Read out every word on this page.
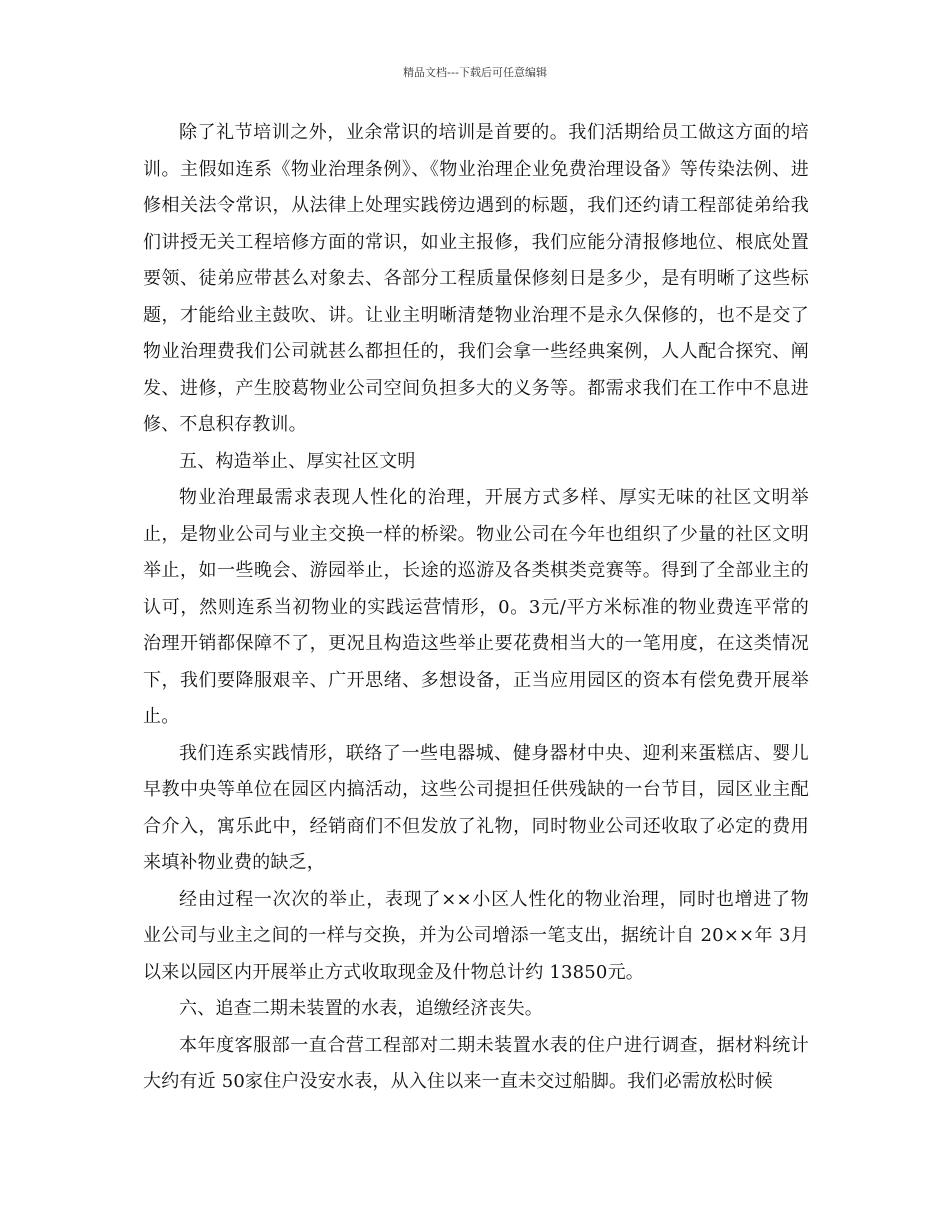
精品文档---下载后可任意编辑

除了礼节培训之外，业余常识的培训是首要的。我们活期给员工做这方面的培训。主假如连系《物业治理条例》、《物业治理企业免费治理设备》等传染法例、进修相关法令常识，从法律上处理实践傍边遇到的标题，我们还约请工程部徒弟给我们讲授无关工程培修方面的常识，如业主报修，我们应能分清报修地位、根底处置要领、徒弟应带甚么对象去、各部分工程质量保修刻日是多少，是有明晰了这些标题，才能给业主鼓吹、讲。让业主明晰清楚物业治理不是永久保修的，也不是交了物业治理费我们公司就甚么都担任的，我们会拿一些经典案例，人人配合探究、阐发、进修，产生胶葛物业公司空间负担多大的义务等。都需求我们在工作中不息进修、不息积存教训。

五、构造举止、厚实社区文明

物业治理最需求表现人性化的治理，开展方式多样、厚实无味的社区文明举止，是物业公司与业主交换一样的桥梁。物业公司在今年也组织了少量的社区文明举止，如一些晚会、游园举止，长途的巡游及各类棋类竞赛等。得到了全部业主的认可，然则连系当初物业的实践运营情形，0。3元/平方米标准的物业费连平常的治理开销都保障不了，更况且构造这些举止要花费相当大的一笔用度，在这类情况下，我们要降服艰辛、广开思绪、多想设备，正当应用园区的资本有偿免费开展举止。

我们连系实践情形，联络了一些电器城、健身器材中央、迎利来蛋糕店、婴儿早教中央等单位在园区内搞活动，这些公司提担任供残缺的一台节目，园区业主配合介入，寓乐此中，经销商们不但发放了礼物，同时物业公司还收取了必定的费用来填补物业费的缺乏，

经由过程一次次的举止，表现了××小区人性化的物业治理，同时也增进了物业公司与业主之间的一样与交换，并为公司增添一笔支出，据统计自 20××年 3月以来以园区内开展举止方式收取现金及什物总计约 13850元。

六、追查二期未装置的水表，追缴经济丧失。

本年度客服部一直合营工程部对二期未装置水表的住户进行调查，据材料统计大约有近 50家住户没安水表，从入住以来一直未交过船脚。我们必需放松时候
